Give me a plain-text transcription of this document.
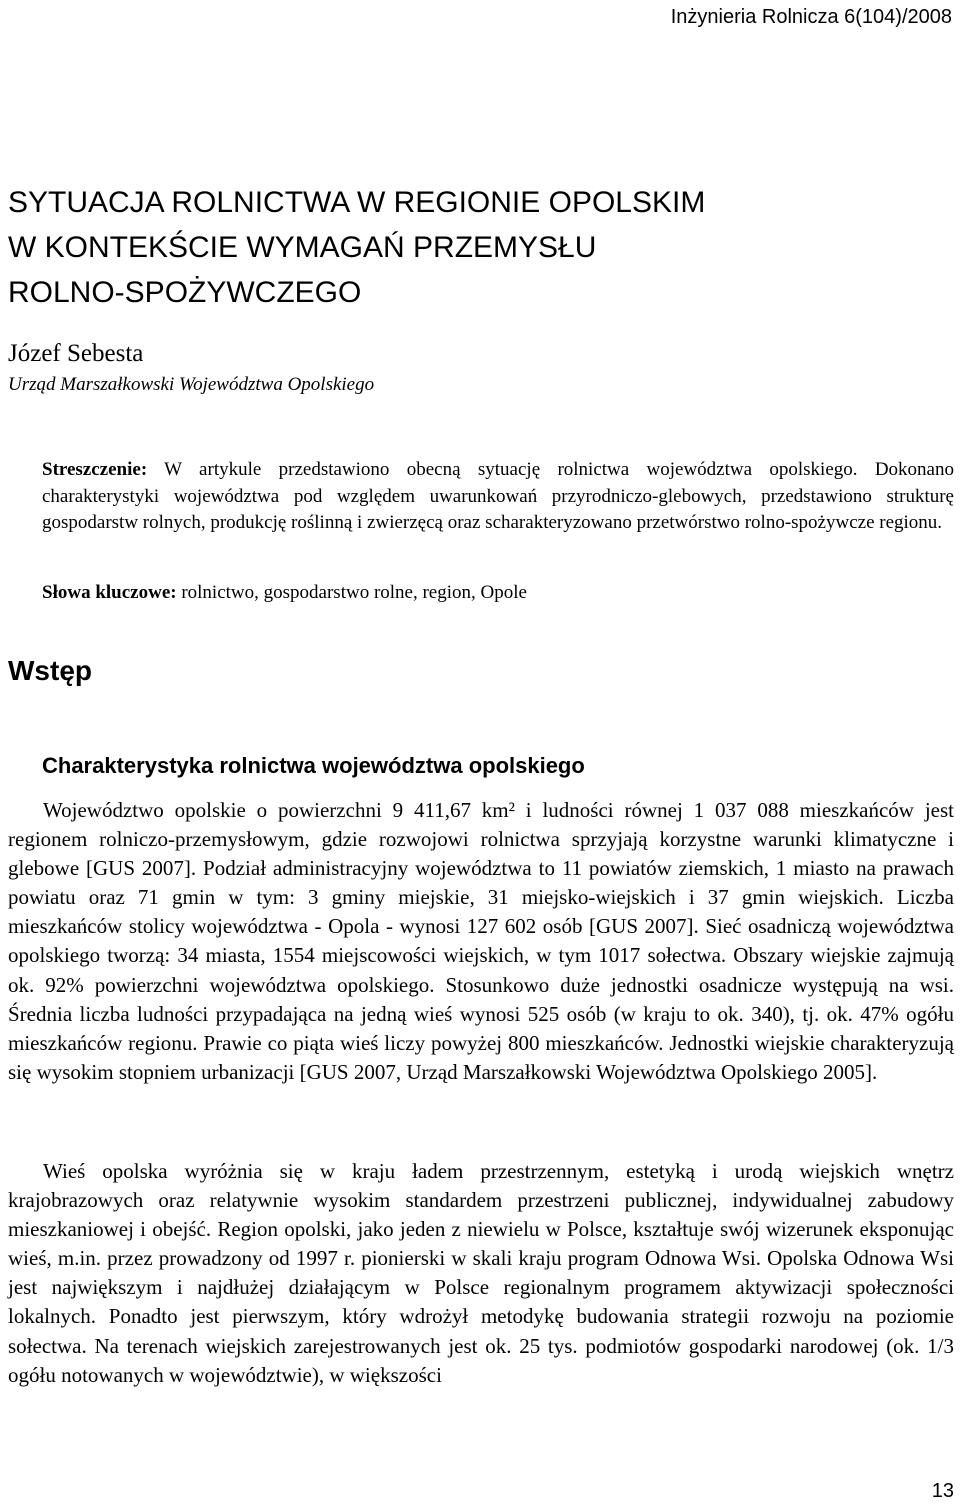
Inżynieria Rolnicza 6(104)/2008
SYTUACJA ROLNICTWA W REGIONIE OPOLSKIM
W KONTEKŚCIE WYMAGAŃ PRZEMYSŁU
ROLNO-SPOŻYWCZEGO
Józef Sebesta
Urząd Marszałkowski Województwa Opolskiego

Streszczenie: W artykule przedstawiono obecną sytuację rolnictwa województwa opolskiego. Dokonano charakterystyki województwa pod względem uwarunkowań przyrodniczo-glebowych, przedstawiono strukturę gospodarstw rolnych, produkcję roślinną i zwierzęcą oraz scharakteryzowano przetwórstwo rolno-spożywcze regionu.

Słowa kluczowe: rolnictwo, gospodarstwo rolne, region, Opole

Wstęp
Charakterystyka rolnictwa województwa opolskiego

Województwo opolskie o powierzchni 9 411,67 km² i ludności równej 1 037 088 mieszkańców jest regionem rolniczo-przemysłowym, gdzie rozwojowi rolnictwa sprzyjają korzystne warunki klimatyczne i glebowe [GUS 2007]. Podział administracyjny województwa to 11 powiatów ziemskich, 1 miasto na prawach powiatu oraz 71 gmin w tym: 3 gminy miejskie, 31 miejsko-wiejskich i 37 gmin wiejskich. Liczba mieszkańców stolicy województwa - Opola - wynosi 127 602 osób [GUS 2007]. Sieć osadniczą województwa opolskiego tworzą: 34 miasta, 1554 miejscowości wiejskich, w tym 1017 sołectwa. Obszary wiejskie zajmują ok. 92% powierzchni województwa opolskiego. Stosunkowo duże jednostki osadnicze występują na wsi. Średnia liczba ludności przypadająca na jedną wieś wynosi 525 osób (w kraju to ok. 340), tj. ok. 47% ogółu mieszkańców regionu. Prawie co piąta wieś liczy powyżej 800 mieszkańców. Jednostki wiejskie charakteryzują się wysokim stopniem urbanizacji [GUS 2007, Urząd Marszałkowski Województwa Opolskiego 2005].

Wieś opolska wyróżnia się w kraju ładem przestrzennym, estetyką i urodą wiejskich wnętrz krajobrazowych oraz relatywnie wysokim standardem przestrzeni publicznej, indywidualnej zabudowy mieszkaniowej i obejść. Region opolski, jako jeden z niewielu w Polsce, kształtuje swój wizerunek eksponując wieś, m.in. przez prowadzony od 1997 r. pionierski w skali kraju program Odnowa Wsi. Opolska Odnowa Wsi jest największym i najdłużej działającym w Polsce regionalnym programem aktywizacji społeczności lokalnych. Ponadto jest pierwszym, który wdrożył metodykę budowania strategii rozwoju na poziomie sołectwa. Na terenach wiejskich zarejestrowanych jest ok. 25 tys. podmiotów gospodarki narodowej (ok. 1/3 ogółu notowanych w województwie), w większości

13
